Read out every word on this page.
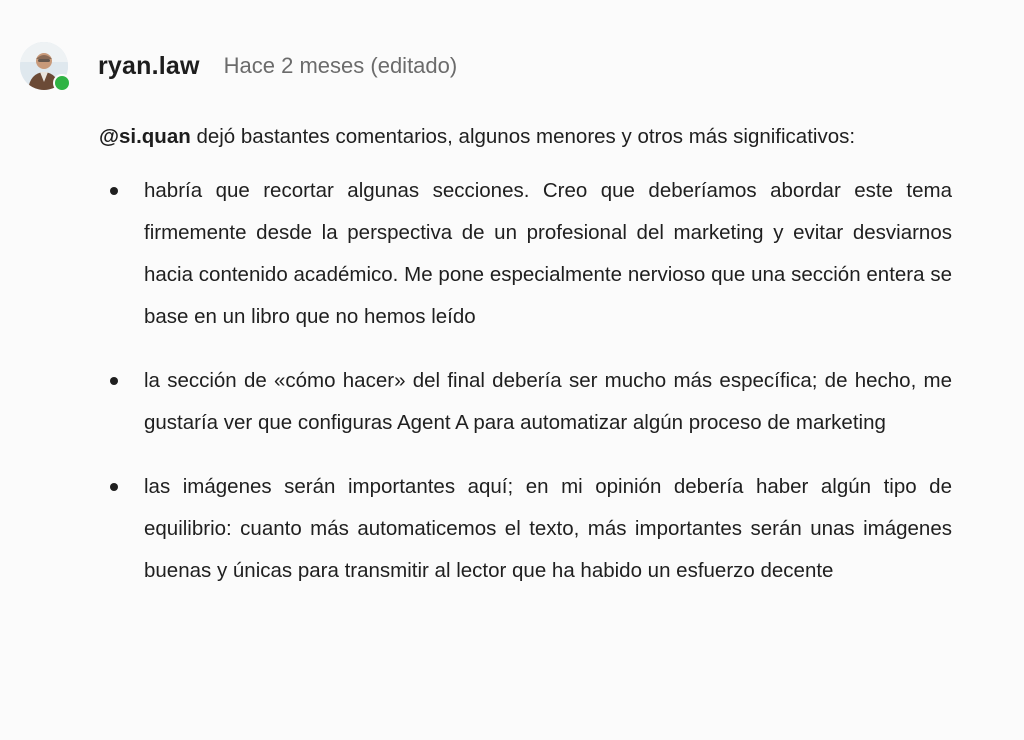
ryan.law Hace 2 meses (editado)

@si.quan dejó bastantes comentarios, algunos menores y otros más significativos:

habría que recortar algunas secciones. Creo que deberíamos abordar este tema firmemente desde la perspectiva de un profesional del marketing y evitar desviarnos hacia contenido académico. Me pone especialmente nervioso que una sección entera se base en un libro que no hemos leído
la sección de «cómo hacer» del final debería ser mucho más específica; de hecho, me gustaría ver que configuras Agent A para automatizar algún proceso de marketing
las imágenes serán importantes aquí; en mi opinión debería haber algún tipo de equilibrio: cuanto más automaticemos el texto, más importantes serán unas imágenes buenas y únicas para transmitir al lector que ha habido un esfuerzo decente
